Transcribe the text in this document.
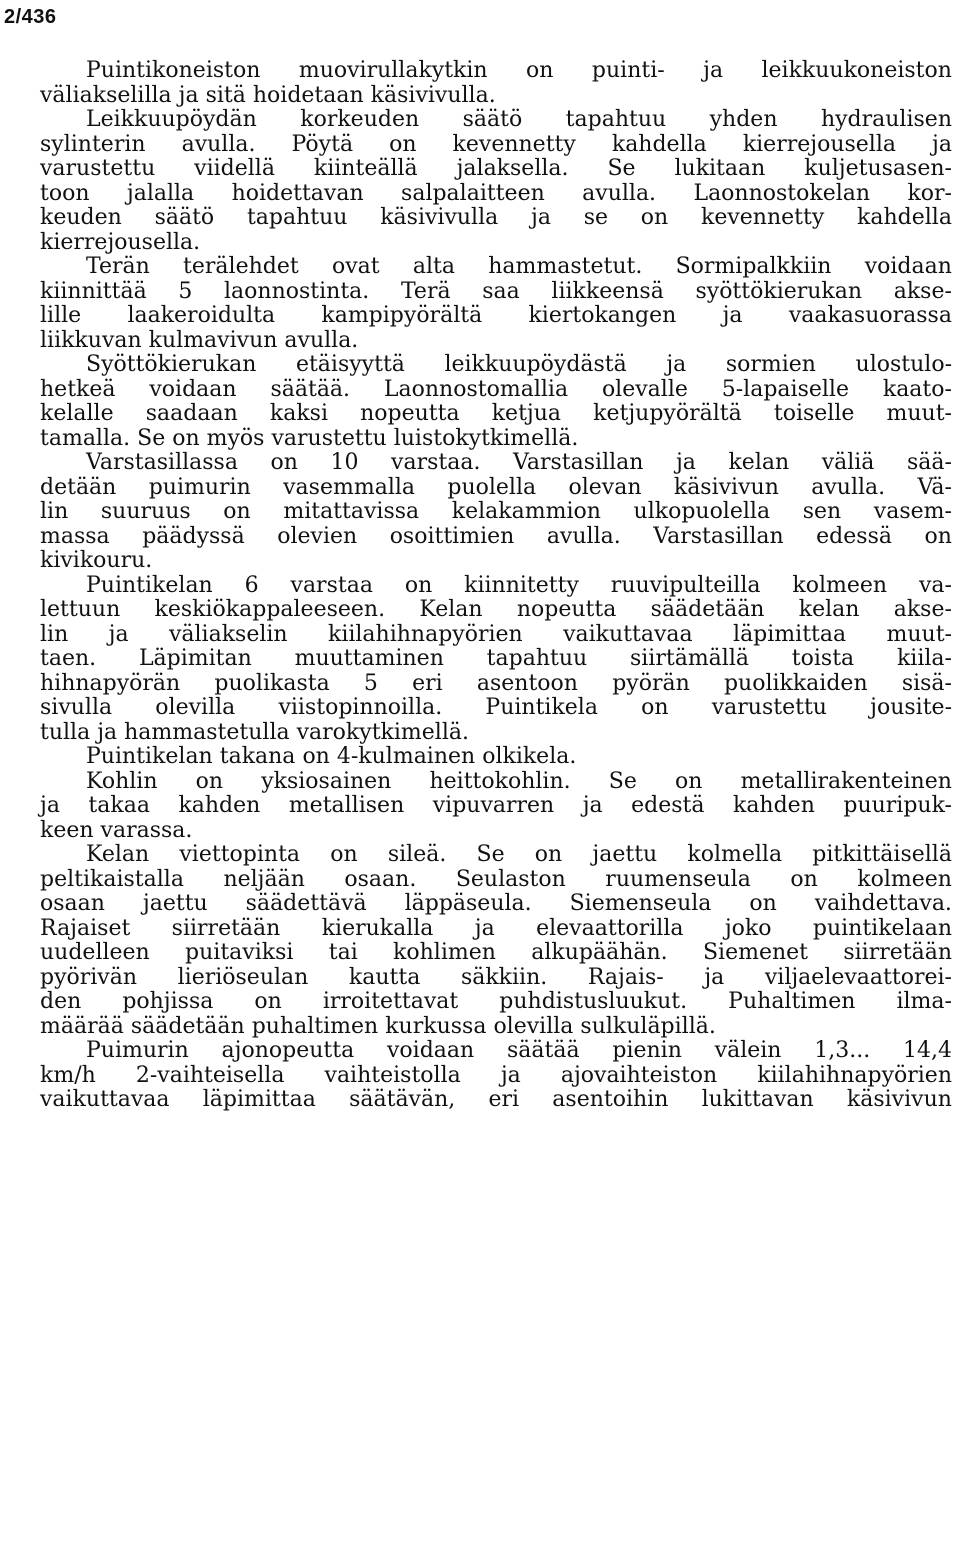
2/436
Puintikoneiston muovirullakytkin on puinti- ja leikkuukoneiston
väliakselilla ja sitä hoidetaan käsivivulla.
Leikkuupöydän korkeuden säätö tapahtuu yhden hydraulisen
sylinterin avulla. Pöytä on kevennetty kahdella kierrejousella ja
varustettu viidellä kiinteällä jalaksella. Se lukitaan kuljetusasen-
toon jalalla hoidettavan salpalaitteen avulla. Laonnostokelan kor-
keuden säätö tapahtuu käsivivulla ja se on kevennetty kahdella
kierrejousella.
Terän terälehdet ovat alta hammastetut. Sormipalkkiin voidaan
kiinnittää 5 laonnostinta. Terä saa liikkeensä syöttökierukan akse-
lille laakeroidulta kampipyörältä kiertokangen ja vaakasuorassa
liikkuvan kulmavivun avulla.
Syöttökierukan etäisyyttä leikkuupöydästä ja sormien ulostulo-
hetkeä voidaan säätää. Laonnostomallia olevalle 5-lapaiselle kaato-
kelalle saadaan kaksi nopeutta ketjua ketjupyörältä toiselle muut-
tamalla. Se on myös varustettu luistokytkimellä.
Varstasillassa on 10 varstaa. Varstasillan ja kelan väliä sää-
detään puimurin vasemmalla puolella olevan käsivivun avulla. Vä-
lin suuruus on mitattavissa kelakammion ulkopuolella sen vasem-
massa päädyssä olevien osoittimien avulla. Varstasillan edessä on
kivikouru.
Puintikelan 6 varstaa on kiinnitetty ruuvipulteilla kolmeen va-
lettuun keskiökappaleeseen. Kelan nopeutta säädetään kelan akse-
lin ja väliakselin kiilahihnapyörien vaikuttavaa läpimittaa muut-
taen. Läpimitan muuttaminen tapahtuu siirtämällä toista kiila-
hihnapyörän puolikasta 5 eri asentoon pyörän puolikkaiden sisä-
sivulla olevilla viistopinnoilla. Puintikela on varustettu jousite-
tulla ja hammastetulla varokytkimellä.
Puintikelan takana on 4-kulmainen olkikela.
Kohlin on yksiosainen heittokohlin. Se on metallirakenteinen
ja takaa kahden metallisen vipuvarren ja edestä kahden puuripuk-
keen varassa.
Kelan viettopinta on sileä. Se on jaettu kolmella pitkittäisellä
peltikaistalla neljään osaan. Seulaston ruumenseula on kolmeen
osaan jaettu säädettävä läppäseula. Siemenseula on vaihdettava.
Rajaiset siirretään kierukalla ja elevaattorilla joko puintikelaan
uudelleen puitaviksi tai kohlimen alkupäähän. Siemenet siirretään
pyörivän lieriöseulan kautta säkkiin. Rajais- ja viljaelevaattorei-
den pohjissa on irroitettavat puhdistusluukut. Puhaltimen ilma-
määrää säädetään puhaltimen kurkussa olevilla sulkuläpillä.
Puimurin ajonopeutta voidaan säätää pienin välein 1,3... 14,4
km/h 2-vaihteisella vaihteistolla ja ajovaihteiston kiilahihnapyörien
vaikuttavaa läpimittaa säätävän, eri asentoihin lukittavan käsivivun
